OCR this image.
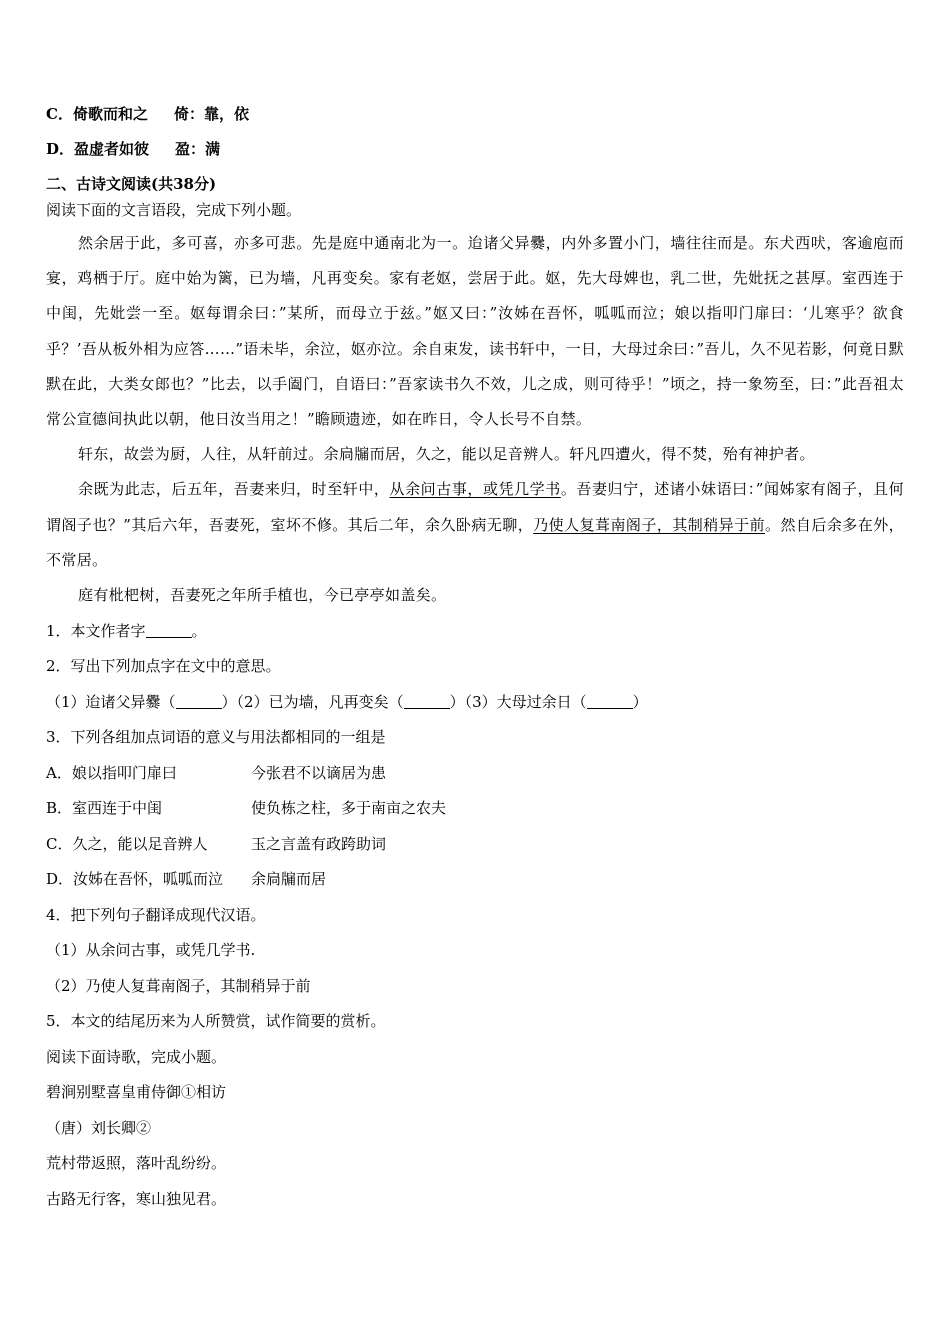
C．倚歌而和之 倚：靠，依
D．盈虚者如彼 盈：满
二、古诗文阅读(共38分)
阅读下面的文言语段，完成下列小题。

然余居于此，多可喜，亦多可悲。先是庭中通南北为一。迨诸父异爨，内外多置小门，墙往往而是。东犬西吠，客逾庖而宴，鸡栖于厅。庭中始为篱，已为墙，凡再变矣。家有老妪，尝居于此。妪，先大母婢也，乳二世，先妣抚之甚厚。室西连于中闺，先妣尝一至。妪每谓余曰：”某所，而母立于兹。”妪又曰：”汝姊在吾怀，呱呱而泣；娘以指叩门扉曰：‘儿寒乎？欲食乎？’吾从板外相为应答……”语未毕，余泣，妪亦泣。余自束发，读书轩中，一日，大母过余曰：”吾儿，久不见若影，何竟日默默在此，大类女郎也？”比去，以手阖门，自语曰：”吾家读书久不效，儿之成，则可待乎！”顷之，持一象笏至，曰：”此吾祖太常公宣德间执此以朝，他日汝当用之！”瞻顾遗迹，如在昨日，令人长号不自禁。

轩东，故尝为厨，人往，从轩前过。余扃牖而居，久之，能以足音辨人。轩凡四遭火，得不焚，殆有神护者。

余既为此志，后五年，吾妻来归，时至轩中，从余问古事，或凭几学书。吾妻归宁，述诸小妹语曰：”闻姊家有阁子，且何谓阁子也？”其后六年，吾妻死，室坏不修。其后二年，余久卧病无聊，乃使人复葺南阁子，其制稍异于前。然自后余多在外，不常居。

庭有枇杷树，吾妻死之年所手植也，今已亭亭如盖矣。

1．本文作者字	。
2．写出下列加点字在文中的意思。
（1）迨诸父异爨（	）（2）已为墙，凡再变矣（	）（3）大母过余日（	）
3．下列各组加点词语的意义与用法都相同的一组是
A．娘以指叩门扉曰	今张君不以谪居为患
B．室西连于中闺	使负栋之柱，多于南亩之农夫
C．久之，能以足音辨人	玉之言盖有政跨助词
D．汝姊在吾怀，呱呱而泣	余扃牖而居
4．把下列句子翻译成现代汉语。
（1）从余问古事，或凭几学书.
（2）乃使人复葺南阁子，其制稍异于前
5．本文的结尾历来为人所赞赏，试作简要的赏析。
阅读下面诗歌，完成小题。
碧涧别墅喜皇甫侍御①相访
（唐）刘长卿②
荒村带返照，落叶乱纷纷。
古路无行客，寒山独见君。
